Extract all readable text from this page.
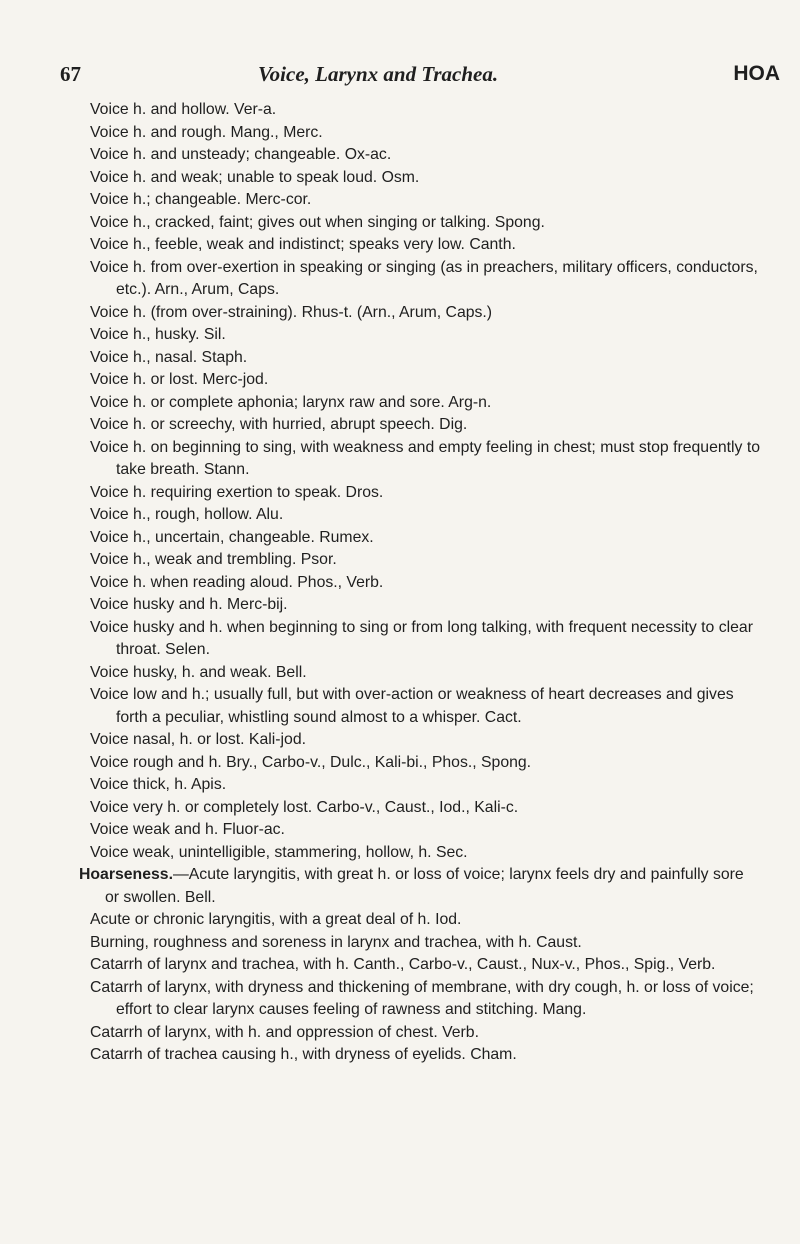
67	Voice, Larynx and Trachea.	HOA

Voice h. and hollow. Ver-a.

Voice h. and rough. Mang., Merc.

Voice h. and unsteady; changeable. Ox-ac.

Voice h. and weak; unable to speak loud. Osm.

Voice h.; changeable. Merc-cor.

Voice h., cracked, faint; gives out when singing or talking. Spong.

Voice h., feeble, weak and indistinct; speaks very low. Canth.

Voice h. from over-exertion in speaking or singing (as in preachers, military officers, conductors, etc.). Arn., Arum, Caps.

Voice h. (from over-straining). Rhus-t. (Arn., Arum, Caps.)

Voice h., husky. Sil.

Voice h., nasal. Staph.

Voice h. or lost. Merc-jod.

Voice h. or complete aphonia; larynx raw and sore. Arg-n.

Voice h. or screechy, with hurried, abrupt speech. Dig.

Voice h. on beginning to sing, with weakness and empty feeling in chest; must stop frequently to take breath. Stann.

Voice h. requiring exertion to speak. Dros.

Voice h., rough, hollow. Alu.

Voice h., uncertain, changeable. Rumex.

Voice h., weak and trembling. Psor.

Voice h. when reading aloud. Phos., Verb.

Voice husky and h. Merc-bij.

Voice husky and h. when beginning to sing or from long talking, with frequent necessity to clear throat. Selen.

Voice husky, h. and weak. Bell.

Voice low and h.; usually full, but with over-action or weakness of heart decreases and gives forth a peculiar, whistling sound almost to a whisper. Cact.

Voice nasal, h. or lost. Kali-jod.

Voice rough and h. Bry., Carbo-v., Dulc., Kali-bi., Phos., Spong.

Voice thick, h. Apis.

Voice very h. or completely lost. Carbo-v., Caust., Iod., Kali-c.

Voice weak and h. Fluor-ac.

Voice weak, unintelligible, stammering, hollow, h. Sec.

Hoarseness.—Acute laryngitis, with great h. or loss of voice; larynx feels dry and painfully sore or swollen. Bell.

Acute or chronic laryngitis, with a great deal of h. Iod.

Burning, roughness and soreness in larynx and trachea, with h. Caust.

Catarrh of larynx and trachea, with h. Canth., Carbo-v., Caust., Nux-v., Phos., Spig., Verb.

Catarrh of larynx, with dryness and thickening of membrane, with dry cough, h. or loss of voice; effort to clear larynx causes feeling of rawness and stitching. Mang.

Catarrh of larynx, with h. and oppression of chest. Verb.

Catarrh of trachea causing h., with dryness of eyelids. Cham.
